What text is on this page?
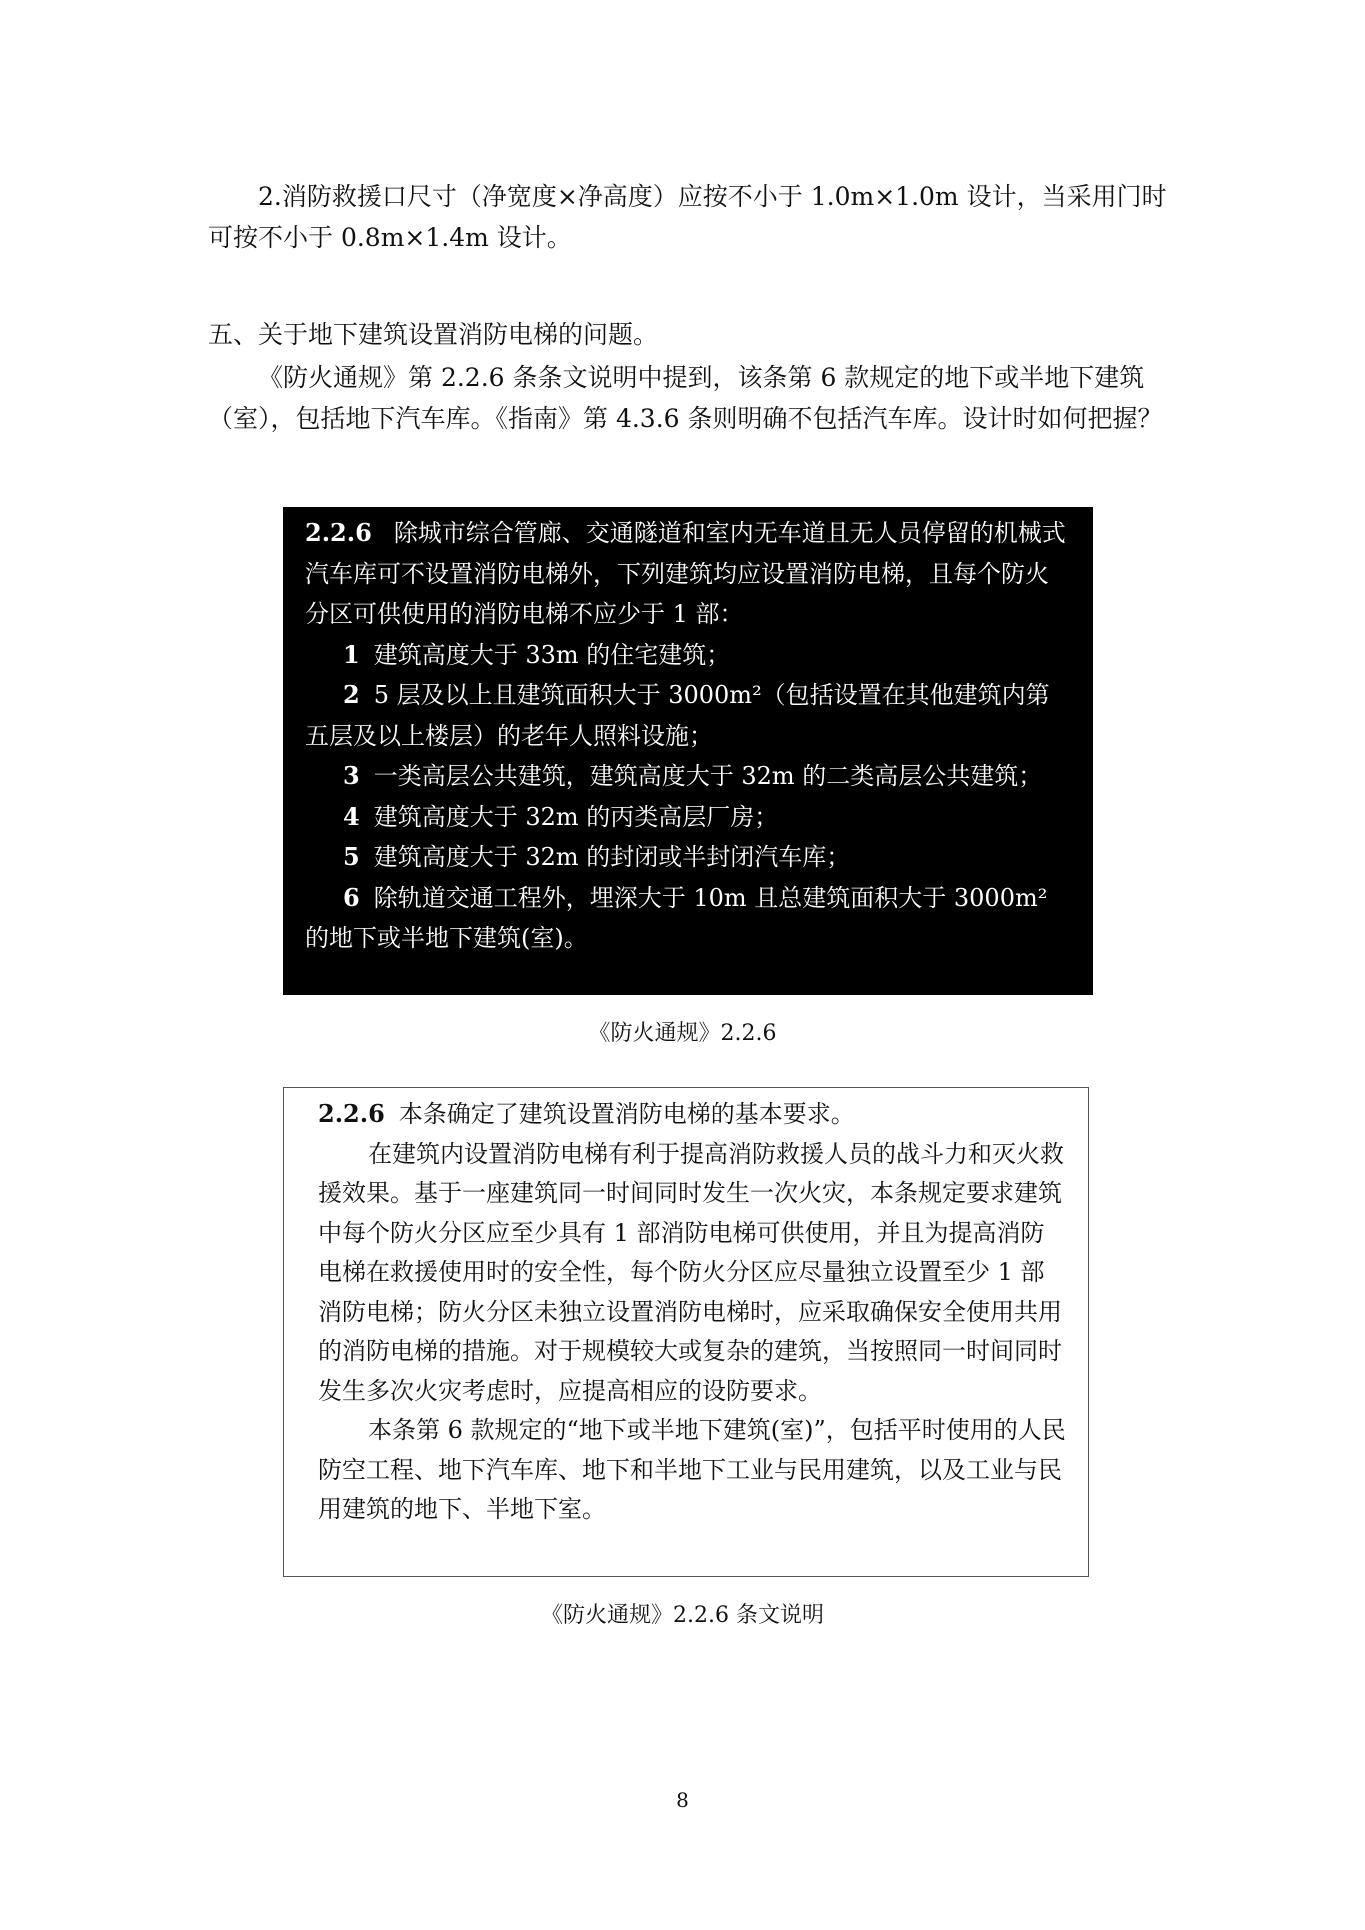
2.消防救援口尺寸（净宽度×净高度）应按不小于 1.0m×1.0m 设计，当采用门时可按不小于 0.8m×1.4m 设计。

五、关于地下建筑设置消防电梯的问题。

《防火通规》第 2.2.6 条条文说明中提到，该条第 6 款规定的地下或半地下建筑（室），包括地下汽车库。《指南》第 4.3.6 条则明确不包括汽车库。设计时如何把握？

2.2.6 除城市综合管廊、交通隧道和室内无车道且无人员停留的机械式汽车库可不设置消防电梯外，下列建筑均应设置消防电梯，且每个防火分区可供使用的消防电梯不应少于 1 部：

1 建筑高度大于 33m 的住宅建筑；

2 5 层及以上且建筑面积大于 3000m²（包括设置在其他建筑内第五层及以上楼层）的老年人照料设施；

3 一类高层公共建筑，建筑高度大于 32m 的二类高层公共建筑；

4 建筑高度大于 32m 的丙类高层厂房；

5 建筑高度大于 32m 的封闭或半封闭汽车库；

6 除轨道交通工程外，埋深大于 10m 且总建筑面积大于 3000m² 的地下或半地下建筑(室)。

《防火通规》2.2.6

2.2.6 本条确定了建筑设置消防电梯的基本要求。

在建筑内设置消防电梯有利于提高消防救援人员的战斗力和灭火救援效果。基于一座建筑同一时间同时发生一次火灾，本条规定要求建筑中每个防火分区应至少具有 1 部消防电梯可供使用，并且为提高消防电梯在救援使用时的安全性，每个防火分区应尽量独立设置至少 1 部消防电梯；防火分区未独立设置消防电梯时，应采取确保安全使用共用的消防电梯的措施。对于规模较大或复杂的建筑，当按照同一时间同时发生多次火灾考虑时，应提高相应的设防要求。

本条第 6 款规定的“地下或半地下建筑(室)”，包括平时使用的人民防空工程、地下汽车库、地下和半地下工业与民用建筑，以及工业与民用建筑的地下、半地下室。

《防火通规》2.2.6 条文说明

8
